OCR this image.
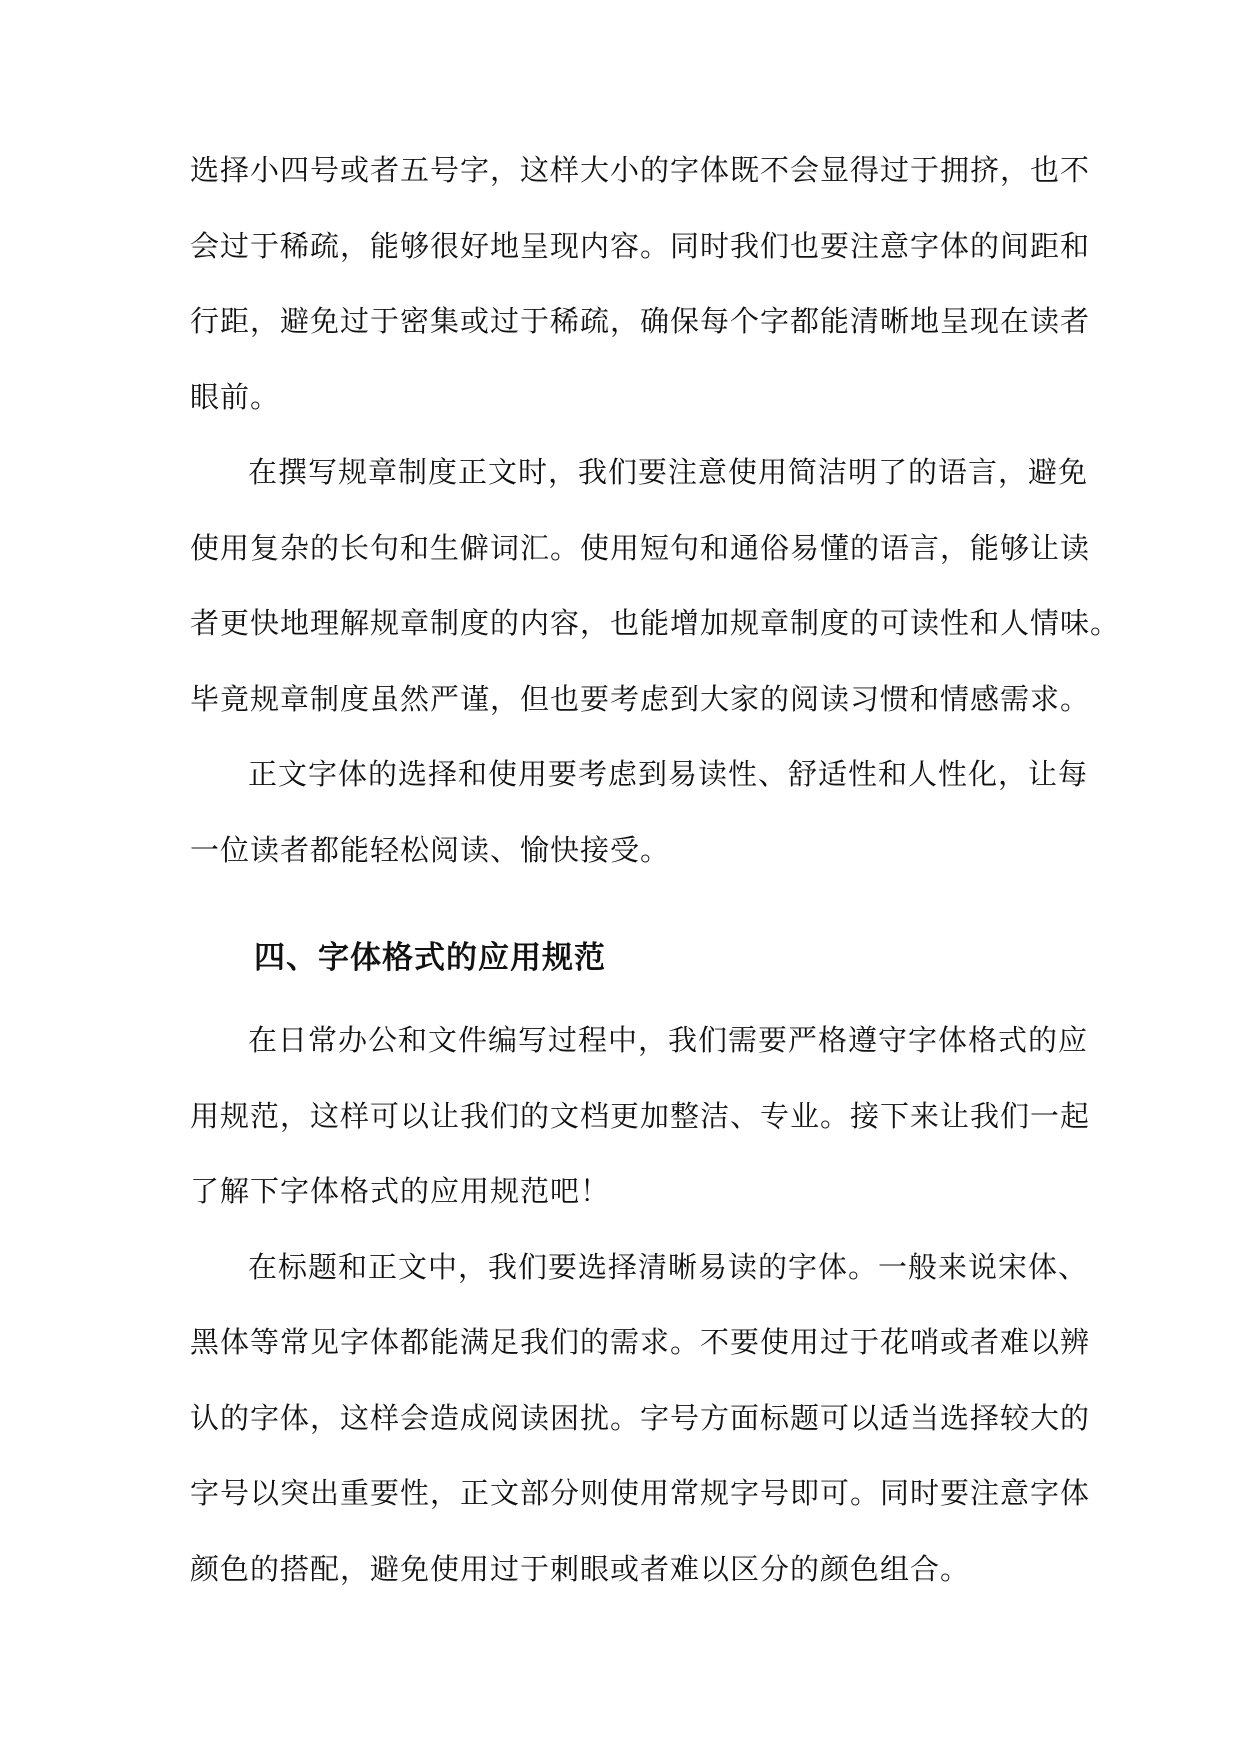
选择小四号或者五号字，这样大小的字体既不会显得过于拥挤，也不
会过于稀疏，能够很好地呈现内容。同时我们也要注意字体的间距和
行距，避免过于密集或过于稀疏，确保每个字都能清晰地呈现在读者
眼前。
在撰写规章制度正文时，我们要注意使用简洁明了的语言，避免
使用复杂的长句和生僻词汇。使用短句和通俗易懂的语言，能够让读
者更快地理解规章制度的内容，也能增加规章制度的可读性和人情味。
毕竟规章制度虽然严谨，但也要考虑到大家的阅读习惯和情感需求。
正文字体的选择和使用要考虑到易读性、舒适性和人性化，让每
一位读者都能轻松阅读、愉快接受。
四、字体格式的应用规范
在日常办公和文件编写过程中，我们需要严格遵守字体格式的应
用规范，这样可以让我们的文档更加整洁、专业。接下来让我们一起
了解下字体格式的应用规范吧！
在标题和正文中，我们要选择清晰易读的字体。一般来说宋体、
黑体等常见字体都能满足我们的需求。不要使用过于花哨或者难以辨
认的字体，这样会造成阅读困扰。字号方面标题可以适当选择较大的
字号以突出重要性，正文部分则使用常规字号即可。同时要注意字体
颜色的搭配，避免使用过于刺眼或者难以区分的颜色组合。
